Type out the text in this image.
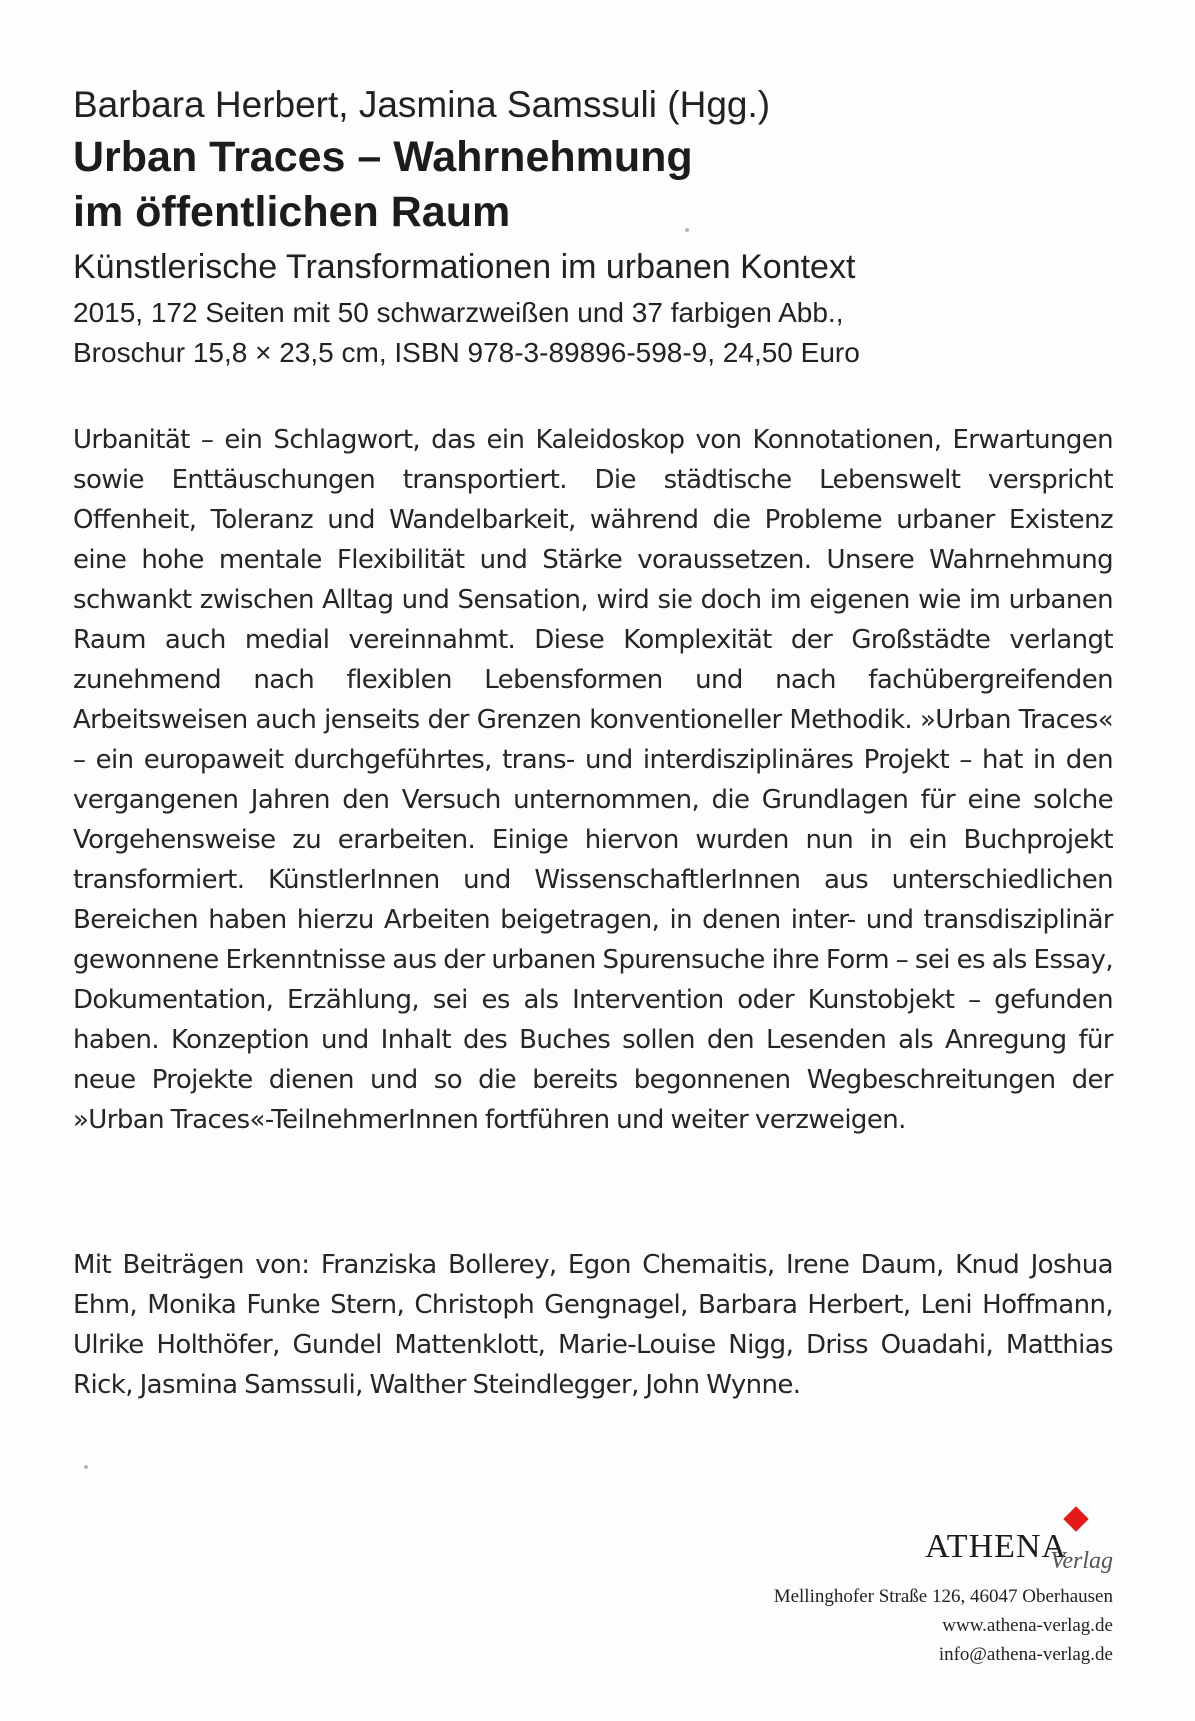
Barbara Herbert, Jasmina Samssuli (Hgg.)

Urban Traces – Wahrnehmung

im öffentlichen Raum

Künstlerische Transformationen im urbanen Kontext

2015, 172 Seiten mit 50 schwarzweißen und 37 farbigen Abb.,

Broschur 15,8 × 23,5 cm, ISBN 978-3-89896-598-9, 24,50 Euro

Urbanität – ein Schlagwort, das ein Kaleidoskop von Konnotationen, Erwartungen sowie Enttäuschungen transportiert. Die städtische Lebenswelt verspricht Offenheit, Toleranz und Wandelbarkeit, während die Probleme urbaner Existenz eine hohe mentale Flexibilität und Stärke voraussetzen. Unsere Wahrnehmung schwankt zwischen Alltag und Sensation, wird sie doch im eigenen wie im urbanen Raum auch medial vereinnahmt. Diese Komplexität der Großstädte verlangt zunehmend nach flexiblen Lebensformen und nach fachübergreifenden Arbeitsweisen auch jenseits der Grenzen konventioneller Methodik. »Urban Traces« – ein europaweit durchgeführtes, trans- und interdisziplinäres Projekt – hat in den vergangenen Jahren den Versuch unternommen, die Grundlagen für eine solche Vorgehensweise zu erarbeiten. Einige hiervon wurden nun in ein Buchprojekt transformiert. KünstlerInnen und WissenschaftlerInnen aus unterschiedlichen Bereichen haben hierzu Arbeiten beigetragen, in denen inter- und transdisziplinär gewonnene Erkenntnisse aus der urbanen Spurensuche ihre Form – sei es als Essay, Dokumentation, Erzählung, sei es als Intervention oder Kunstobjekt – gefunden haben. Konzeption und Inhalt des Buches sollen den Lesenden als Anregung für neue Projekte dienen und so die bereits begonnenen Wegbeschreitungen der »Urban Traces«-TeilnehmerInnen fortführen und weiter verzweigen.

Mit Beiträgen von: Franziska Bollerey, Egon Chemaitis, Irene Daum, Knud Joshua Ehm, Monika Funke Stern, Christoph Gengnagel, Barbara Herbert, Leni Hoffmann, Ulrike Holthöfer, Gundel Mattenklott, Marie-Louise Nigg, Driss Ouadahi, Matthias Rick, Jasmina Samssuli, Walther Steindlegger, John Wynne.

ATHENA
Verlag

Mellinghofer Straße 126, 46047 Oberhausen

www.athena-verlag.de

info@athena-verlag.de
